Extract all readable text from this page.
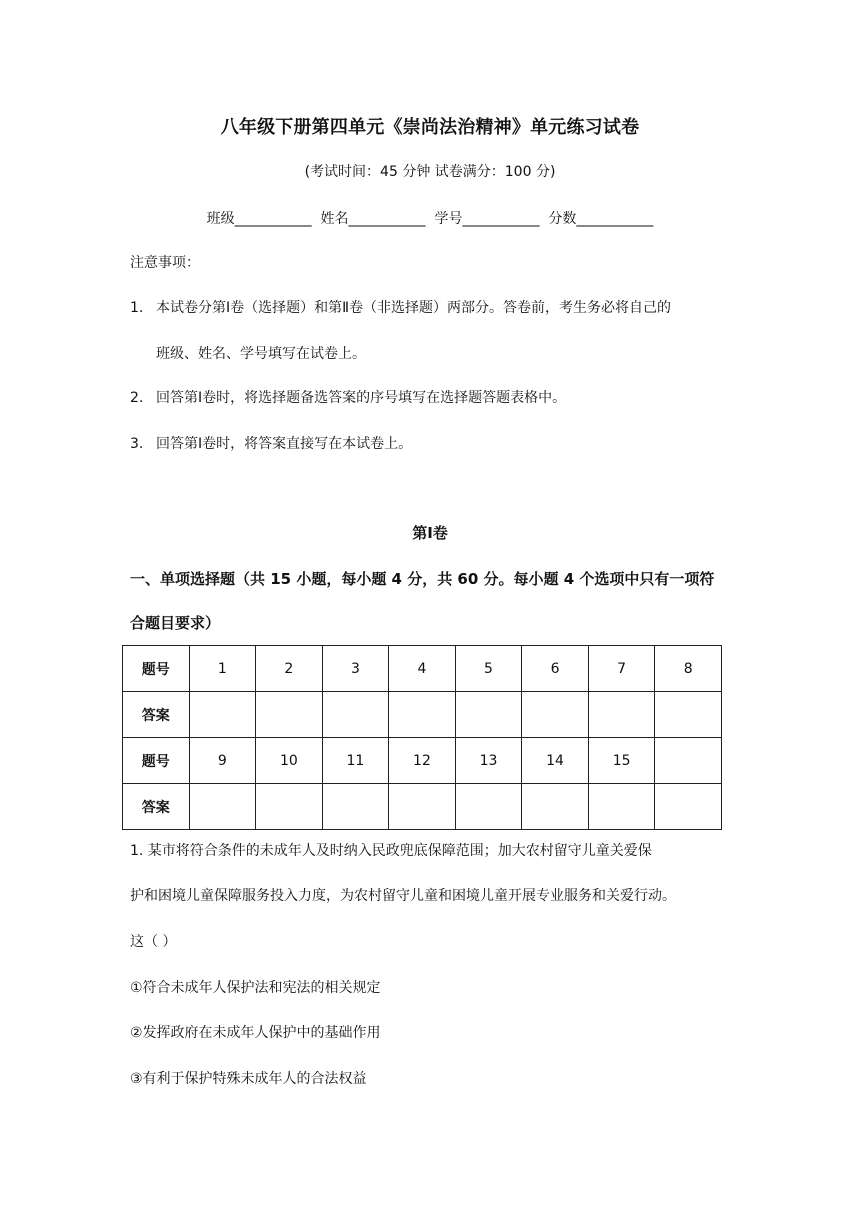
八年级下册第四单元《崇尚法治精神》单元练习试卷
(考试时间：45 分钟 试卷满分：100 分)
班级___________  姓名___________  学号___________  分数___________
注意事项：
1. 本试卷分第Ⅰ卷（选择题）和第Ⅱ卷（非选择题）两部分。答卷前，考生务必将自己的
班级、姓名、学号填写在试卷上。
2. 回答第Ⅰ卷时，将选择题备选答案的序号填写在选择题答题表格中。
3. 回答第Ⅰ卷时，将答案直接写在本试卷上。
第Ⅰ卷
一、单项选择题（共 15 小题，每小题 4 分，共 60 分。每小题 4 个选项中只有一项符
合题目要求）
题号	1	2	3	4	5	6	7	8
答案								
题号	9	10	11	12	13	14	15	
答案								
1. 某市将符合条件的未成年人及时纳入民政兜底保障范围；加大农村留守儿童关爱保
护和困境儿童保障服务投入力度，为农村留守儿童和困境儿童开展专业服务和关爱行动。
这（ ）
①符合未成年人保护法和宪法的相关规定
②发挥政府在未成年人保护中的基础作用
③有利于保护特殊未成年人的合法权益
